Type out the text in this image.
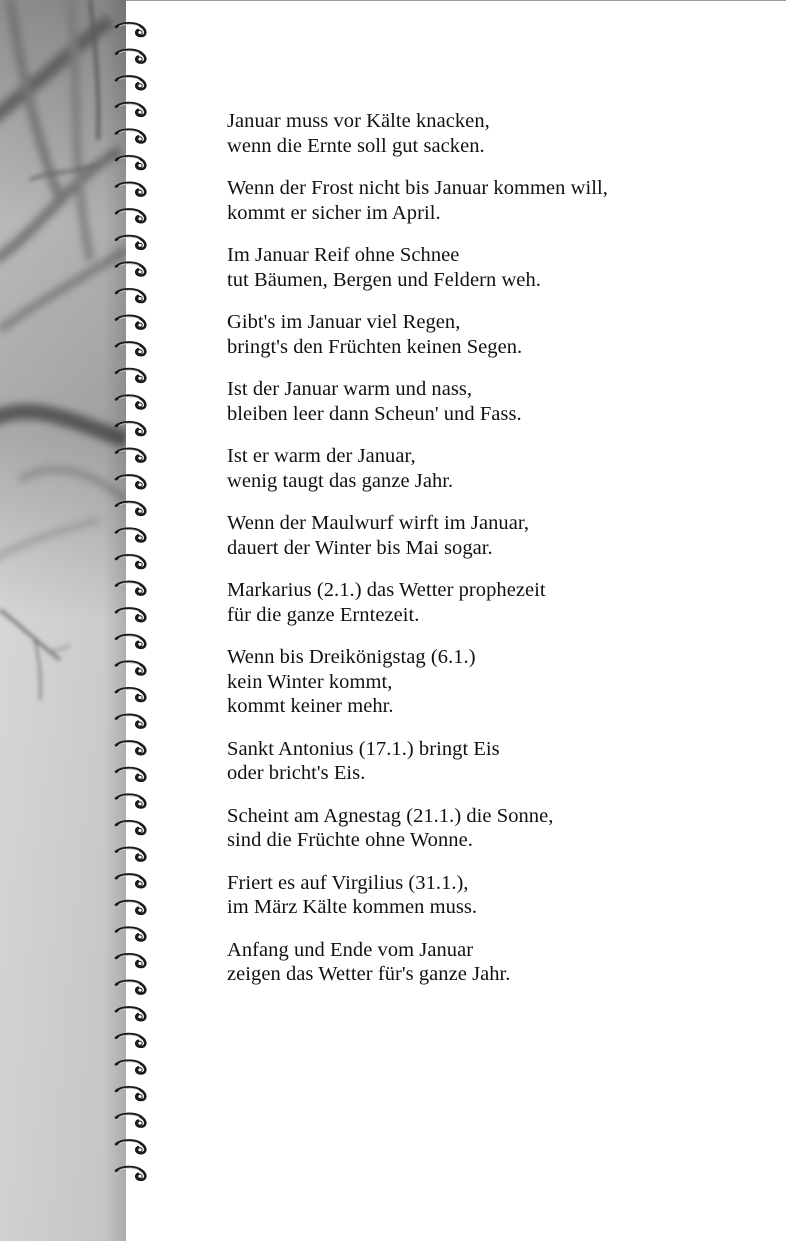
Januar muss vor Kälte knacken,
wenn die Ernte soll gut sacken.
Wenn der Frost nicht bis Januar kommen will,
kommt er sicher im April.
Im Januar Reif ohne Schnee
tut Bäumen, Bergen und Feldern weh.
Gibt's im Januar viel Regen,
bringt's den Früchten keinen Segen.
Ist der Januar warm und nass,
bleiben leer dann Scheun' und Fass.
Ist er warm der Januar,
wenig taugt das ganze Jahr.
Wenn der Maulwurf wirft im Januar,
dauert der Winter bis Mai sogar.
Markarius (2.1.) das Wetter prophezeit
für die ganze Erntezeit.
Wenn bis Dreikönigstag (6.1.)
kein Winter kommt,
kommt keiner mehr.
Sankt Antonius (17.1.) bringt Eis
oder bricht's Eis.
Scheint am Agnestag (21.1.) die Sonne,
sind die Früchte ohne Wonne.
Friert es auf Virgilius (31.1.),
im März Kälte kommen muss.
Anfang und Ende vom Januar
zeigen das Wetter für's ganze Jahr.
